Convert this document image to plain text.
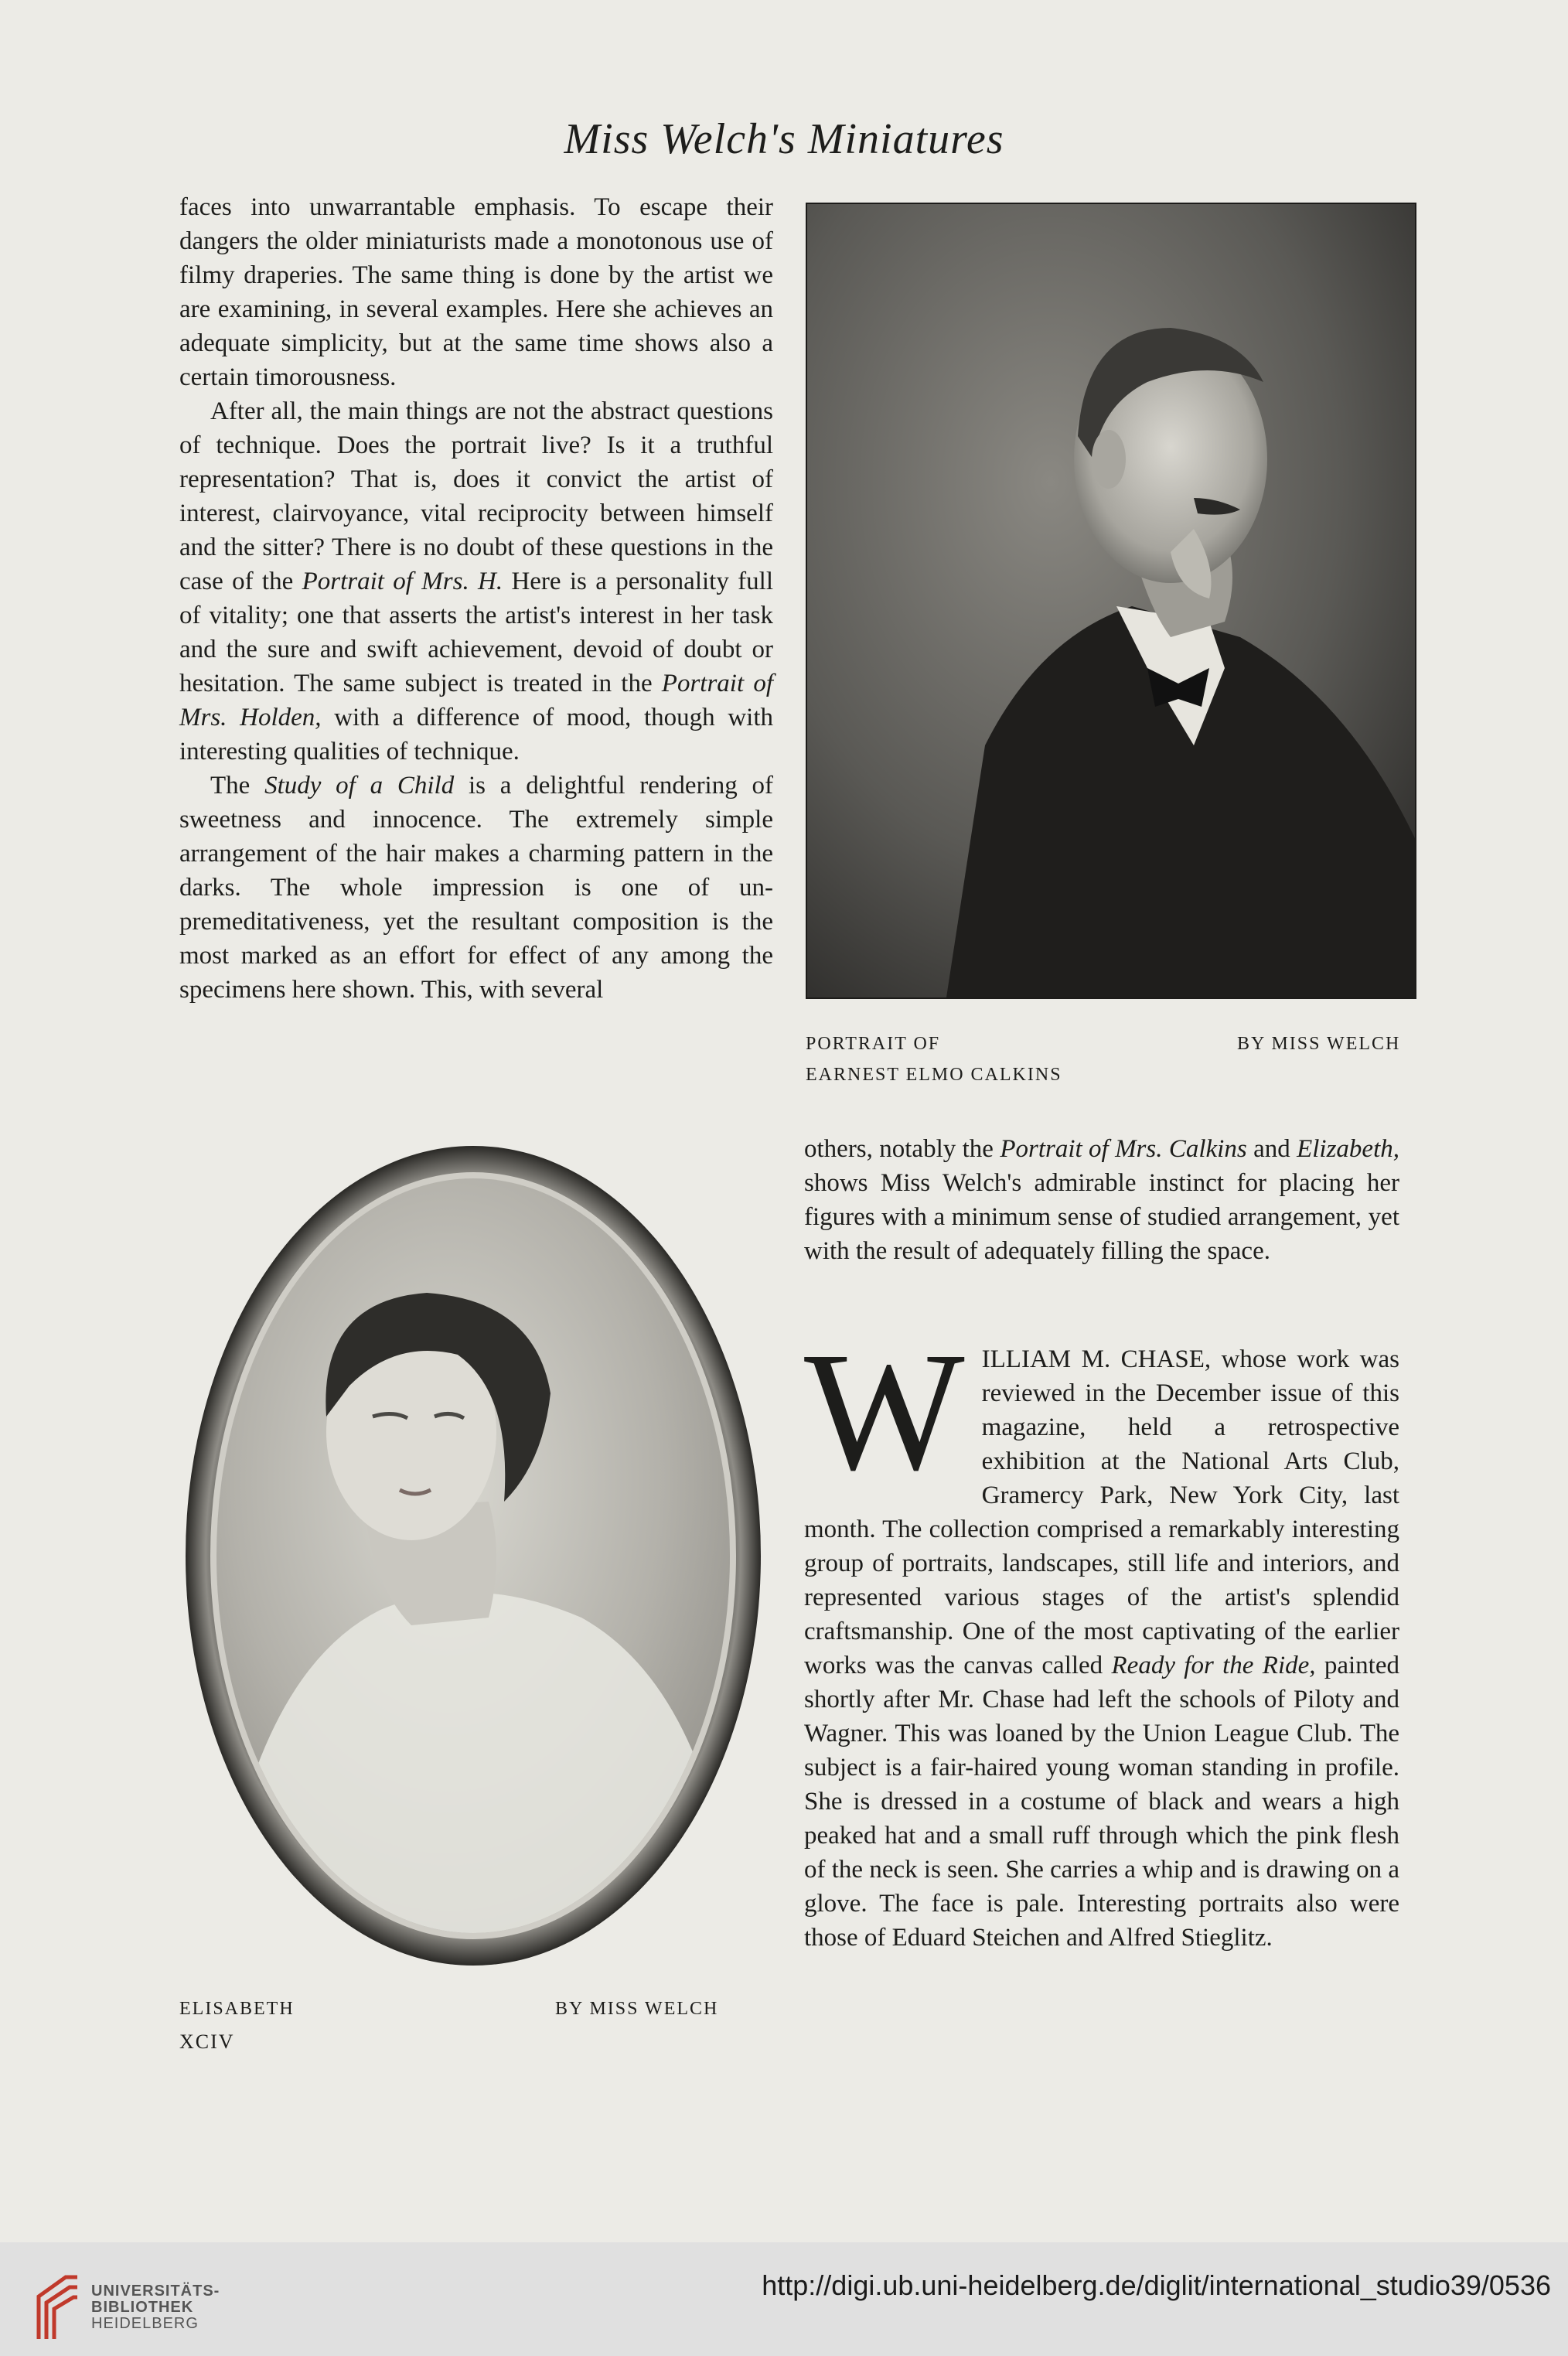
Miss Welch's Miniatures

faces into unwarrantable emphasis. To escape their dangers the older miniaturists made a monotonous use of filmy draperies. The same thing is done by the artist we are examining, in several examples. Here she achieves an adequate simplicity, but at the same time shows also a certain timorousness.

After all, the main things are not the abstract questions of technique. Does the portrait live? Is it a truthful representation? That is, does it convict the artist of interest, clairvoyance, vital reciprocity between himself and the sitter? There is no doubt of these questions in the case of the Portrait of Mrs. H. Here is a personality full of vitality; one that asserts the artist's interest in her task and the sure and swift achievement, devoid of doubt or hesitation. The same subject is treated in the Portrait of Mrs. Holden, with a difference of mood, though with interesting qualities of technique.

The Study of a Child is a delightful rendering of sweetness and innocence. The extremely simple arrangement of the hair makes a charming pattern in the darks. The whole impression is one of unpremeditativeness, yet the resultant composition is the most marked as an effort for effect of any among the specimens here shown. This, with several

PORTRAIT OF
EARNEST ELMO CALKINS
BY MISS WELCH

others, notably the Portrait of Mrs. Calkins and Elizabeth, shows Miss Welch's admirable instinct for placing her figures with a minimum sense of studied arrangement, yet with the result of adequately filling the space.

WILLIAM M. CHASE, whose work was reviewed in the December issue of this magazine, held a retrospective exhibition at the National Arts Club, Gramercy Park, New York City, last month. The collection comprised a remarkably interesting group of portraits, landscapes, still life and interiors, and represented various stages of the artist's splendid craftsmanship. One of the most captivating of the earlier works was the canvas called Ready for the Ride, painted shortly after Mr. Chase had left the schools of Piloty and Wagner. This was loaned by the Union League Club. The subject is a fair-haired young woman standing in profile. She is dressed in a costume of black and wears a high peaked hat and a small ruff through which the pink flesh of the neck is seen. She carries a whip and is drawing on a glove. The face is pale. Interesting portraits also were those of Eduard Steichen and Alfred Stieglitz.

ELISABETH	BY MISS WELCH
XCIV
UNIVERSITÄTS-
BIBLIOTHEK
HEIDELBERG
http://digi.ub.uni-heidelberg.de/diglit/international_studio39/0536
